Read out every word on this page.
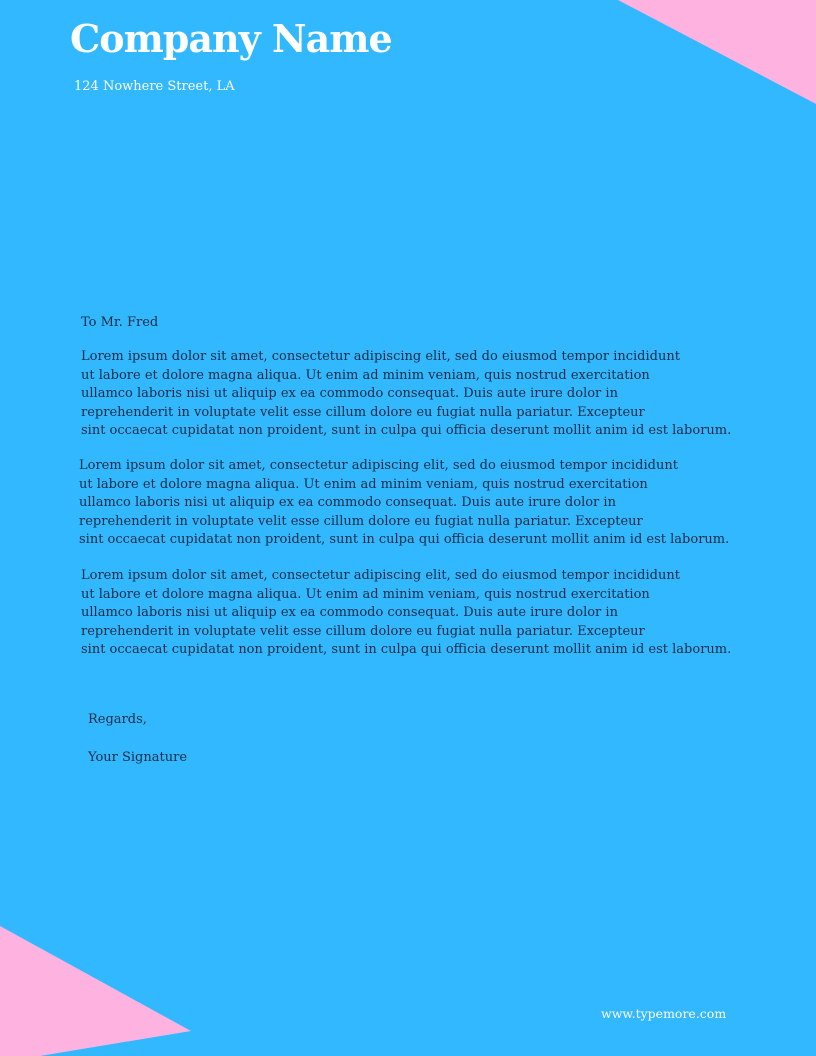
Company Name
124 Nowhere Street, LA
To Mr. Fred
Lorem ipsum dolor sit amet, consectetur adipiscing elit, sed do eiusmod tempor incididunt
ut labore et dolore magna aliqua. Ut enim ad minim veniam, quis nostrud exercitation
ullamco laboris nisi ut aliquip ex ea commodo consequat. Duis aute irure dolor in
reprehenderit in voluptate velit esse cillum dolore eu fugiat nulla pariatur. Excepteur
sint occaecat cupidatat non proident, sunt in culpa qui officia deserunt mollit anim id est laborum.
Lorem ipsum dolor sit amet, consectetur adipiscing elit, sed do eiusmod tempor incididunt
ut labore et dolore magna aliqua. Ut enim ad minim veniam, quis nostrud exercitation
ullamco laboris nisi ut aliquip ex ea commodo consequat. Duis aute irure dolor in
reprehenderit in voluptate velit esse cillum dolore eu fugiat nulla pariatur. Excepteur
sint occaecat cupidatat non proident, sunt in culpa qui officia deserunt mollit anim id est laborum.
Lorem ipsum dolor sit amet, consectetur adipiscing elit, sed do eiusmod tempor incididunt
ut labore et dolore magna aliqua. Ut enim ad minim veniam, quis nostrud exercitation
ullamco laboris nisi ut aliquip ex ea commodo consequat. Duis aute irure dolor in
reprehenderit in voluptate velit esse cillum dolore eu fugiat nulla pariatur. Excepteur
sint occaecat cupidatat non proident, sunt in culpa qui officia deserunt mollit anim id est laborum.
Regards,
Your Signature
www.typemore.com
